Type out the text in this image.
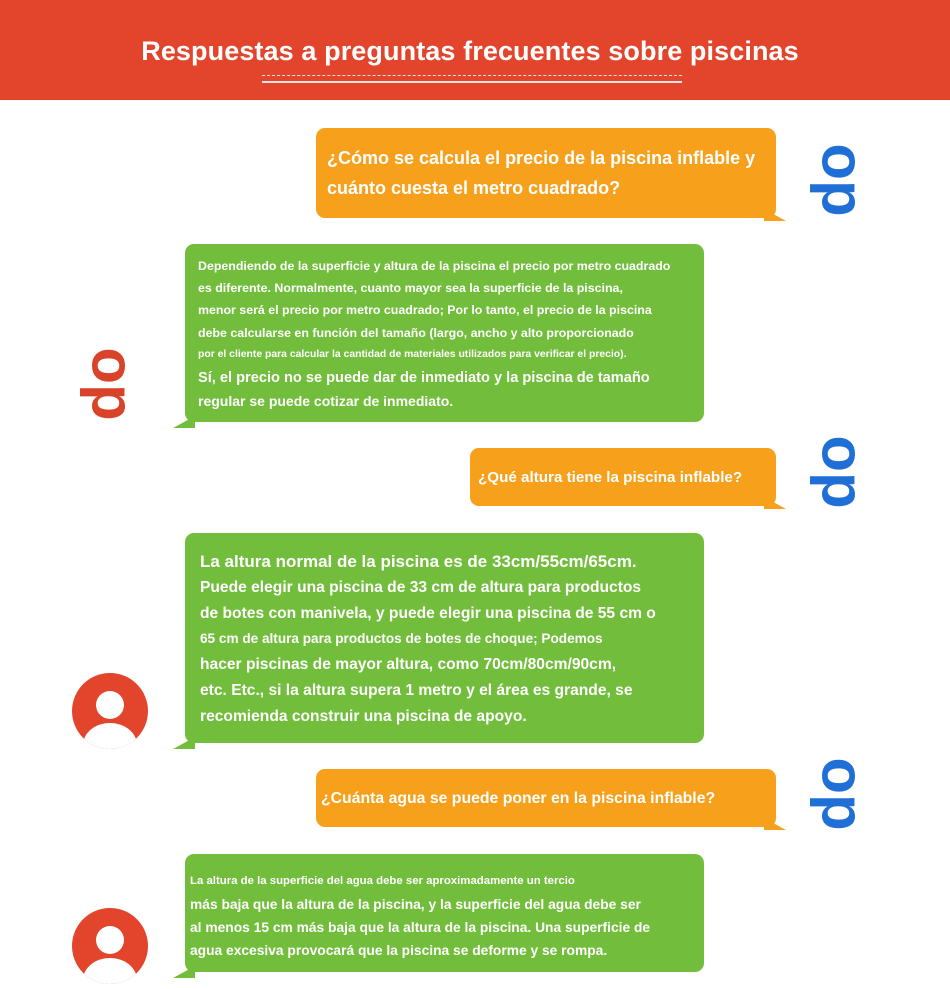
Respuestas a preguntas frecuentes sobre piscinas
¿Cómo se calcula el precio de la piscina inflable y
cuánto cuesta el metro cuadrado?	op
Dependiendo de la superficie y altura de la piscina el precio por metro cuadrado
es diferente. Normalmente, cuanto mayor sea la superficie de la piscina,
menor será el precio por metro cuadrado; Por lo tanto, el precio de la piscina
debe calcularse en función del tamaño (largo, ancho y alto proporcionado
por el cliente para calcular la cantidad de materiales utilizados para verificar el precio).
Sí, el precio no se puede dar de inmediato y la piscina de tamaño
regular se puede cotizar de inmediato.
op
¿Qué altura tiene la piscina inflable?	op
La altura normal de la piscina es de 33cm/55cm/65cm.
Puede elegir una piscina de 33 cm de altura para productos
de botes con manivela, y puede elegir una piscina de 55 cm o
65 cm de altura para productos de botes de choque; Podemos
hacer piscinas de mayor altura, como 70cm/80cm/90cm,
etc. Etc., si la altura supera 1 metro y el área es grande, se
recomienda construir una piscina de apoyo.
¿Cuánta agua se puede poner en la piscina inflable?	op
La altura de la superficie del agua debe ser aproximadamente un tercio
más baja que la altura de la piscina, y la superficie del agua debe ser
al menos 15 cm más baja que la altura de la piscina. Una superficie de
agua excesiva provocará que la piscina se deforme y se rompa.
